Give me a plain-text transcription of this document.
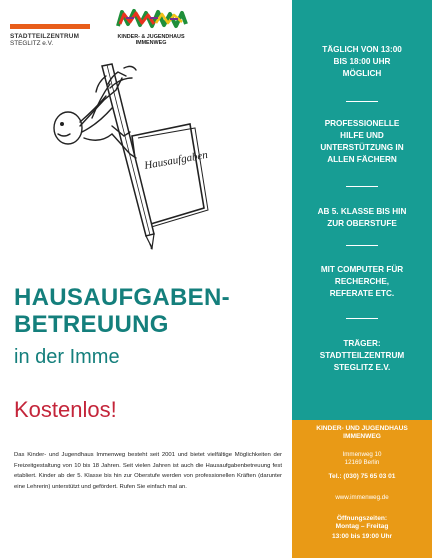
STADTTEILZENTRUM
STEGLITZ e.V.
KINDER- & JUGENDHAUS
IMMENWEG
Hausaufgaben
HAUSAUFGABEN-
BETREUUNG
in der Imme
Kostenlos!
Das Kinder- und Jugendhaus Immenweg besteht seit 2001 und bietet vielfältige Möglichkeiten der Freizeitgestaltung von 10 bis 18 Jahren. Seit vielen Jahren ist auch die Hausaufgabenbetreuung fest etabliert. Kinder ab der 5. Klasse bis hin zur Oberstufe werden von professionellen Kräften (darunter eine Lehrerin) unterstützt und gefördert. Rufen Sie einfach mal an.
TÄGLICH VON 13:00
BIS 18:00 UHR
MÖGLICH
PROFESSIONELLE
HILFE UND
UNTERSTÜTZUNG IN
ALLEN FÄCHERN
AB 5. KLASSE BIS HIN
ZUR OBERSTUFE
MIT COMPUTER FÜR
RECHERCHE,
REFERATE ETC.
TRÄGER:
STADTTEILZENTRUM
STEGLITZ E.V.
KINDER- UND JUGENDHAUS
IMMENWEG
Immenweg 10
12169 Berlin
Tel.: (030) 75 65 03 01
www.immenweg.de
Öffnungszeiten:
Montag – Freitag
13:00 bis 19:00 Uhr
